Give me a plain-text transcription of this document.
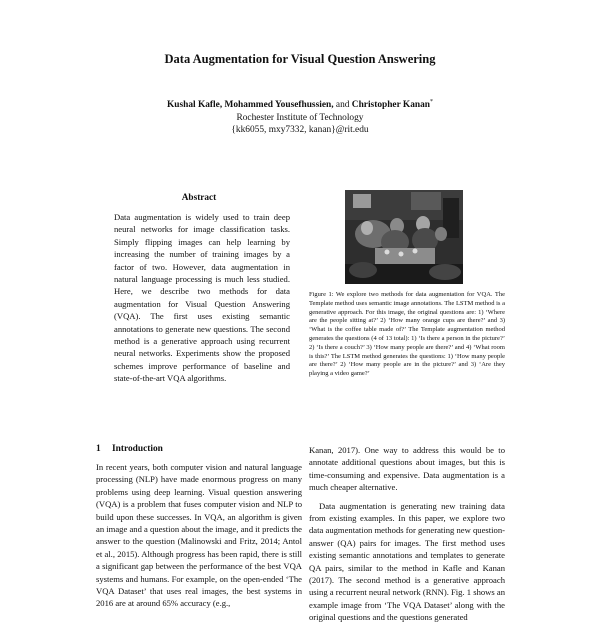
Data Augmentation for Visual Question Answering
Kushal Kafle, Mohammed Yousefhussien, and Christopher Kanan*
Rochester Institute of Technology
{kk6055, mxy7332, kanan}@rit.edu
Abstract
Data augmentation is widely used to train deep neural networks for image classification tasks. Simply flipping images can help learning by increasing the number of training images by a factor of two. However, data augmentation in natural language processing is much less studied. Here, we describe two methods for data augmentation for Visual Question Answering (VQA). The first uses existing semantic annotations to generate new questions. The second method is a generative approach using recurrent neural networks. Experiments show the proposed schemes improve performance of baseline and state-of-the-art VQA algorithms.
Figure 1: We explore two methods for data augmentation for VQA. The Template method uses semantic image annotations. The LSTM method is a generative approach. For this image, the original questions are: 1) ‘Where are the people sitting at?’ 2) ‘How many orange cups are there?’ and 3) ‘What is the coffee table made of?’ The Template augmentation method generates the questions (4 of 13 total): 1) ‘Is there a person in the picture?’ 2) ‘Is there a couch?’ 3) ‘How many people are there?’ and 4) ‘What room is this?’ The LSTM method generates the questions: 1) ‘How many people are there?’ 2) ‘How many people are in the picture?’ and 3) ‘Are they playing a video game?’
1 Introduction
In recent years, both computer vision and natural language processing (NLP) have made enormous progress on many problems using deep learning. Visual question answering (VQA) is a problem that fuses computer vision and NLP to build upon these successes. In VQA, an algorithm is given an image and a question about the image, and it predicts the answer to the question (Malinowski and Fritz, 2014; Antol et al., 2015). Although progress has been rapid, there is still a significant gap between the performance of the best VQA systems and humans. For example, on the open-ended ‘The VQA Dataset’ that uses real images, the best systems in 2016 are at around 65% accuracy (e.g.,

Kanan, 2017). One way to address this would be to annotate additional questions about images, but this is time-consuming and expensive. Data augmentation is a much cheaper alternative.

Data augmentation is generating new training data from existing examples. In this paper, we explore two data augmentation methods for generating new question-answer (QA) pairs for images. The first method uses existing semantic annotations and templates to generate QA pairs, similar to the method in Kafle and Kanan (2017). The second method is a generative approach using a recurrent neural network (RNN). Fig. 1 shows an example image from ‘The VQA Dataset’ along with the original questions and the questions generated
